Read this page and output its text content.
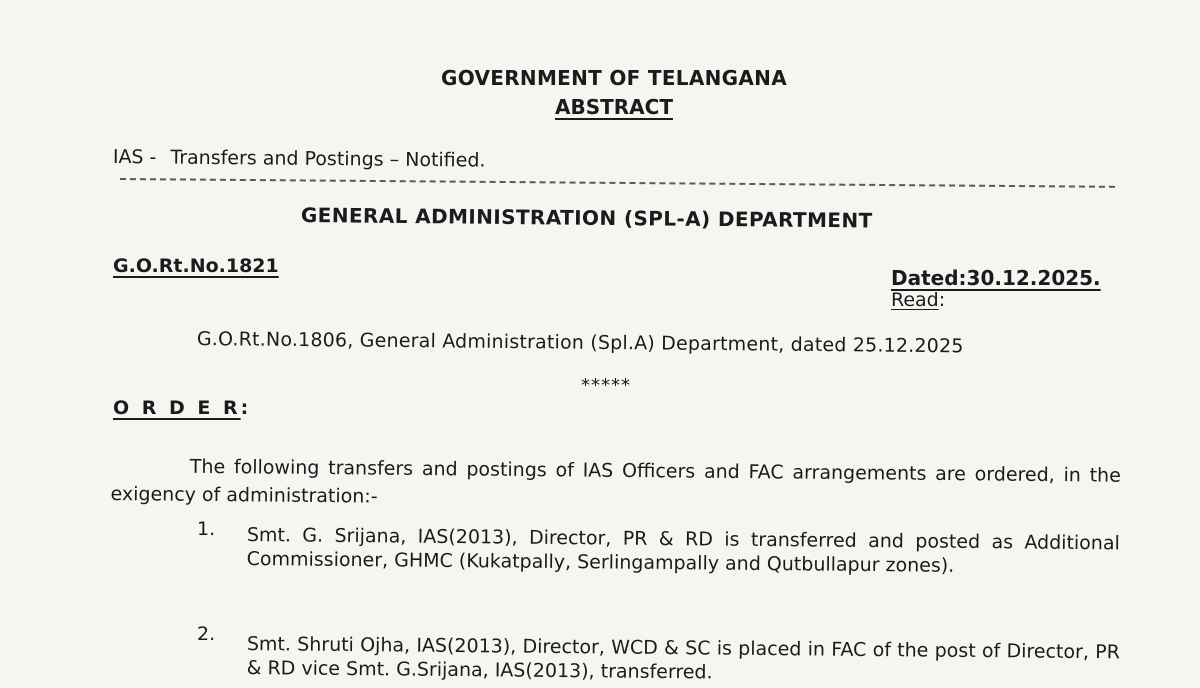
GOVERNMENT OF TELANGANA
ABSTRACT
IAS - Transfers and Postings – Notified.
GENERAL ADMINISTRATION (SPL-A) DEPARTMENT
G.O.Rt.No.1821	Dated:30.12.2025.
Read:
G.O.Rt.No.1806, General Administration (Spl.A) Department, dated 25.12.2025
*****
O R D E R:
The following transfers and postings of IAS Officers and FAC arrangements are ordered, in the exigency of administration:-
1. Smt. G. Srijana, IAS(2013), Director, PR & RD is transferred and posted as Additional Commissioner, GHMC (Kukatpally, Serlingampally and Qutbullapur zones).
2. Smt. Shruti Ojha, IAS(2013), Director, WCD & SC is placed in FAC of the post of Director, PR & RD vice Smt. G.Srijana, IAS(2013), transferred.
